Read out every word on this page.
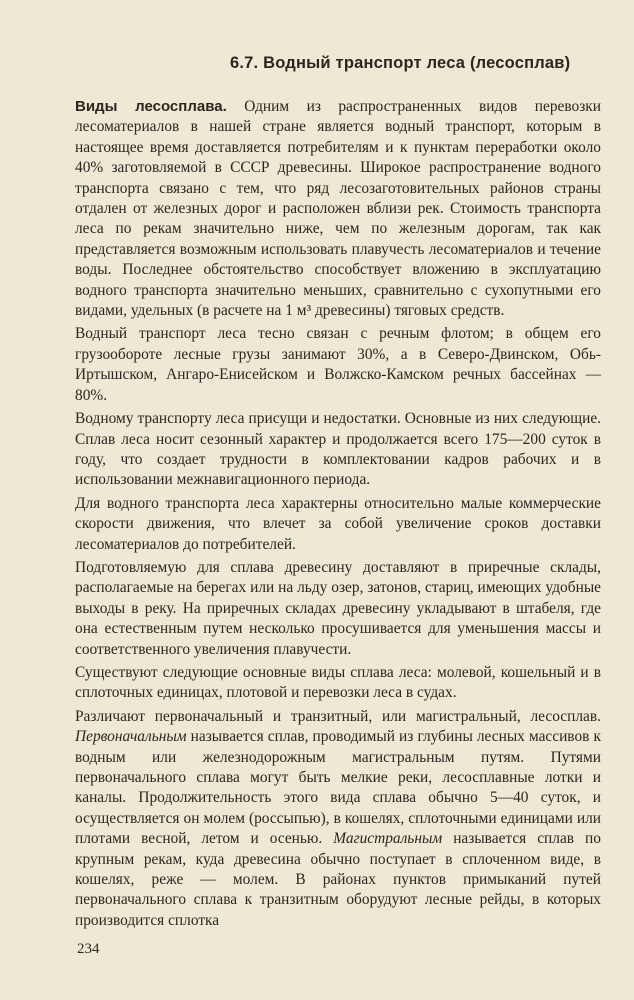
6.7. Водный транспорт леса (лесосплав)

Виды лесосплава. Одним из распространенных видов перевозки лесоматериалов в нашей стране является водный транспорт, которым в настоящее время доставляется потребителям и к пунктам переработки около 40% заготовляемой в СССР древесины. Широкое распространение водного транспорта связано с тем, что ряд лесозаготовительных районов страны отдален от железных дорог и расположен вблизи рек. Стоимость транспорта леса по рекам значительно ниже, чем по железным дорогам, так как представляется возможным использовать плавучесть лесоматериалов и течение воды. Последнее обстоятельство способствует вложению в эксплуатацию водного транспорта значительно меньших, сравнительно с сухопутными его видами, удельных (в расчете на 1 м³ древесины) тяговых средств.

Водный транспорт леса тесно связан с речным флотом; в общем его грузообороте лесные грузы занимают 30%, а в Северо-Двинском, Обь-Иртышском, Ангаро-Енисейском и Волжско-Камском речных бассейнах — 80%.

Водному транспорту леса присущи и недостатки. Основные из них следующие. Сплав леса носит сезонный характер и продолжается всего 175—200 суток в году, что создает трудности в комплектовании кадров рабочих и в использовании межнавигационного периода.

Для водного транспорта леса характерны относительно малые коммерческие скорости движения, что влечет за собой увеличение сроков доставки лесоматериалов до потребителей.

Подготовляемую для сплава древесину доставляют в приречные склады, располагаемые на берегах или на льду озер, затонов, стариц, имеющих удобные выходы в реку. На приречных складах древесину укладывают в штабеля, где она естественным путем несколько просушивается для уменьшения массы и соответственного увеличения плавучести.

Существуют следующие основные виды сплава леса: молевой, кошельный и в сплоточных единицах, плотовой и перевозки леса в судах.

Различают первоначальный и транзитный, или магистральный, лесосплав. Первоначальным называется сплав, проводимый из глубины лесных массивов к водным или железнодорожным магистральным путям. Путями первоначального сплава могут быть мелкие реки, лесосплавные лотки и каналы. Продолжительность этого вида сплава обычно 5—40 суток, и осуществляется он молем (россыпью), в кошелях, сплоточными единицами или плотами весной, летом и осенью. Магистральным называется сплав по крупным рекам, куда древесина обычно поступает в сплоченном виде, в кошелях, реже — молем. В районах пунктов примыканий путей первоначального сплава к транзитным оборудуют лесные рейды, в которых производится сплотка

234
